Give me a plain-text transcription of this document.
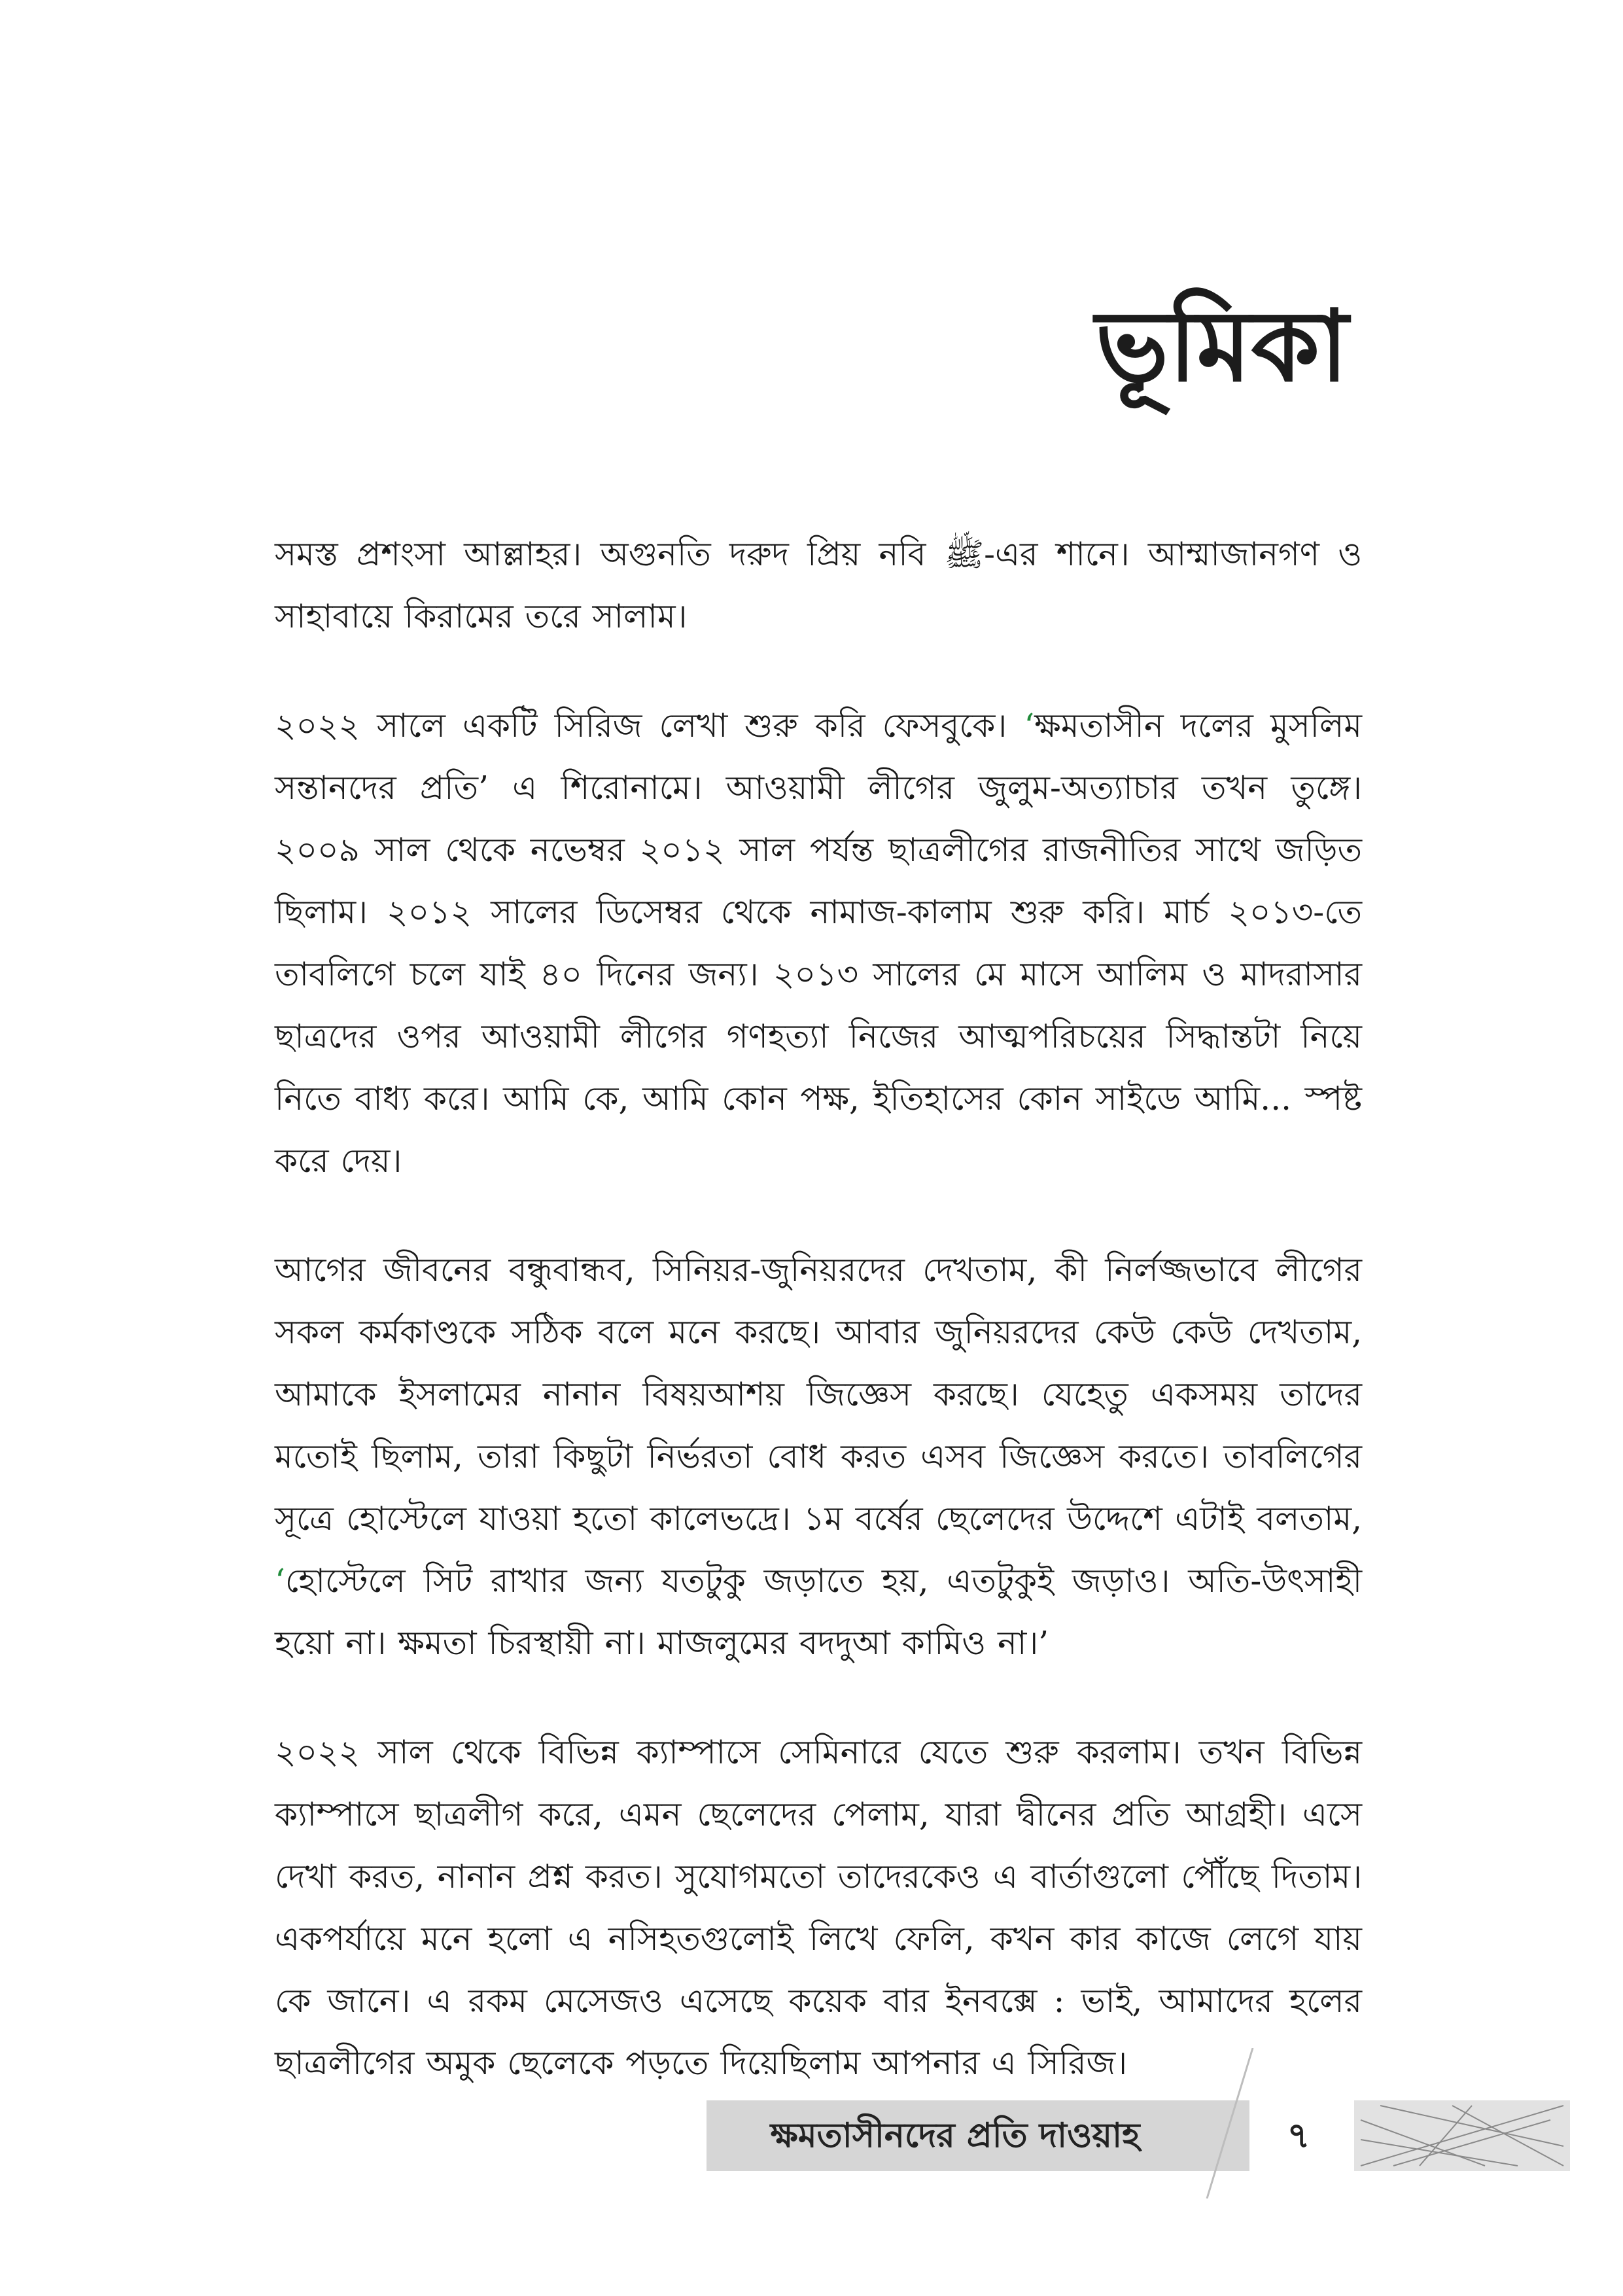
ভূমিকা

সমস্ত প্রশংসা আল্লাহর। অগুনতি দরুদ প্রিয় নবি ﷺ-এর শানে। আম্মাজানগণ ও সাহাবায়ে কিরামের তরে সালাম।

২০২২ সালে একটি সিরিজ লেখা শুরু করি ফেসবুকে। ‘ক্ষমতাসীন দলের মুসলিম সন্তানদের প্রতি’ এ শিরোনামে। আওয়ামী লীগের জুলুম-অত্যাচার তখন তুঙ্গে। ২০০৯ সাল থেকে নভেম্বর ২০১২ সাল পর্যন্ত ছাত্রলীগের রাজনীতির সাথে জড়িত ছিলাম। ২০১২ সালের ডিসেম্বর থেকে নামাজ-কালাম শুরু করি। মার্চ ২০১৩-তে তাবলিগে চলে যাই ৪০ দিনের জন্য। ২০১৩ সালের মে মাসে আলিম ও মাদরাসার ছাত্রদের ওপর আওয়ামী লীগের গণহত্যা নিজের আত্মপরিচয়ের সিদ্ধান্তটা নিয়ে নিতে বাধ্য করে। আমি কে, আমি কোন পক্ষ, ইতিহাসের কোন সাইডে আমি... স্পষ্ট করে দেয়।

আগের জীবনের বন্ধুবান্ধব, সিনিয়র-জুনিয়রদের দেখতাম, কী নির্লজ্জভাবে লীগের সকল কর্মকাণ্ডকে সঠিক বলে মনে করছে। আবার জুনিয়রদের কেউ কেউ দেখতাম, আমাকে ইসলামের নানান বিষয়আশয় জিজ্ঞেস করছে। যেহেতু একসময় তাদের মতোই ছিলাম, তারা কিছুটা নির্ভরতা বোধ করত এসব জিজ্ঞেস করতে। তাবলিগের সূত্রে হোস্টেলে যাওয়া হতো কালেভদ্রে। ১ম বর্ষের ছেলেদের উদ্দেশে এটাই বলতাম, ‘হোস্টেলে সিট রাখার জন্য যতটুকু জড়াতে হয়, এতটুকুই জড়াও। অতি-উৎসাহী হয়ো না। ক্ষমতা চিরস্থায়ী না। মাজলুমের বদদুআ কামিও না।’

২০২২ সাল থেকে বিভিন্ন ক্যাম্পাসে সেমিনারে যেতে শুরু করলাম। তখন বিভিন্ন ক্যাম্পাসে ছাত্রলীগ করে, এমন ছেলেদের পেলাম, যারা দ্বীনের প্রতি আগ্রহী। এসে দেখা করত, নানান প্রশ্ন করত। সুযোগমতো তাদেরকেও এ বার্তাগুলো পৌঁছে দিতাম। একপর্যায়ে মনে হলো এ নসিহতগুলোই লিখে ফেলি, কখন কার কাজে লেগে যায় কে জানে। এ রকম মেসেজও এসেছে কয়েক বার ইনবক্সে : ভাই, আমাদের হলের ছাত্রলীগের অমুক ছেলেকে পড়তে দিয়েছিলাম আপনার এ সিরিজ।

ক্ষমতাসীনদের প্রতি দাওয়াহ	৭
